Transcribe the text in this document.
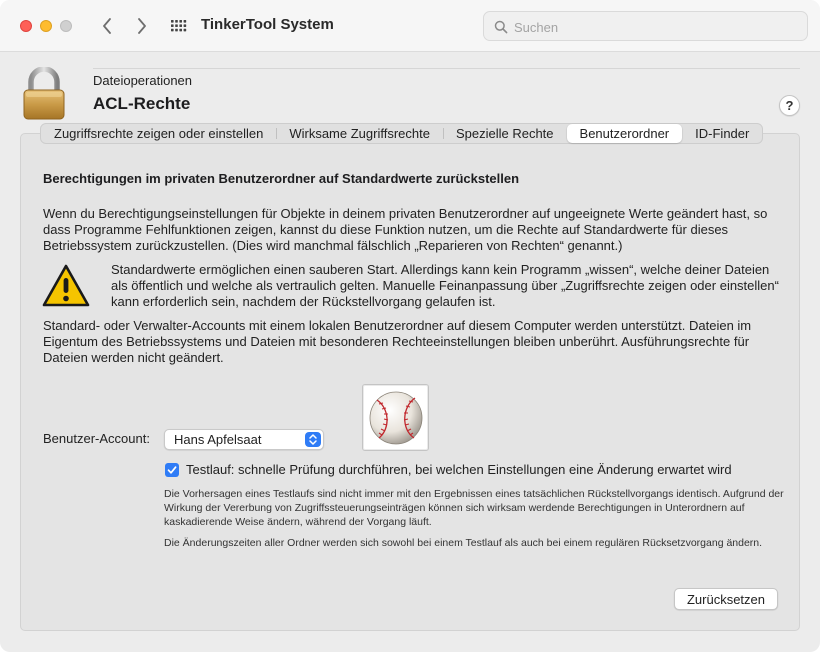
TinkerTool System
Suchen
Dateioperationen
ACL-Rechte	?
Zugriffsrechte zeigen oder einstellen	Wirksame Zugriffsrechte	Spezielle Rechte	Benutzerordner	ID-Finder
Berechtigungen im privaten Benutzerordner auf Standardwerte zurückstellen
Wenn du Berechtigungseinstellungen für Objekte in deinem privaten Benutzerordner auf ungeeignete Werte geändert hast, so dass Programme Fehlfunktionen zeigen, kannst du diese Funktion nutzen, um die Rechte auf Standardwerte für dieses Betriebssystem zurückzustellen. (Dies wird manchmal fälschlich „Reparieren von Rechten“ genannt.)
Standardwerte ermöglichen einen sauberen Start. Allerdings kann kein Programm „wissen“, welche deiner Dateien als öffentlich und welche als vertraulich gelten. Manuelle Feinanpassung über „Zugriffsrechte zeigen oder einstellen“ kann erforderlich sein, nachdem der Rückstellvorgang gelaufen ist.
Standard- oder Verwalter-Accounts mit einem lokalen Benutzerordner auf diesem Computer werden unterstützt. Dateien im Eigentum des Betriebssystems und Dateien mit besonderen Rechteeinstellungen bleiben unberührt. Ausführungsrechte für Dateien werden nicht geändert.
Benutzer-Account: Hans Apfelsaat
Testlauf: schnelle Prüfung durchführen, bei welchen Einstellungen eine Änderung erwartet wird
Die Vorhersagen eines Testlaufs sind nicht immer mit den Ergebnissen eines tatsächlichen Rückstellvorgangs identisch. Aufgrund der Wirkung der Vererbung von Zugriffssteuerungseinträgen können sich wirksam werdende Berechtigungen in Unterordnern auf kaskadierende Weise ändern, während der Vorgang läuft.
Die Änderungszeiten aller Ordner werden sich sowohl bei einem Testlauf als auch bei einem regulären Rücksetzvorgang ändern.
Zurücksetzen
